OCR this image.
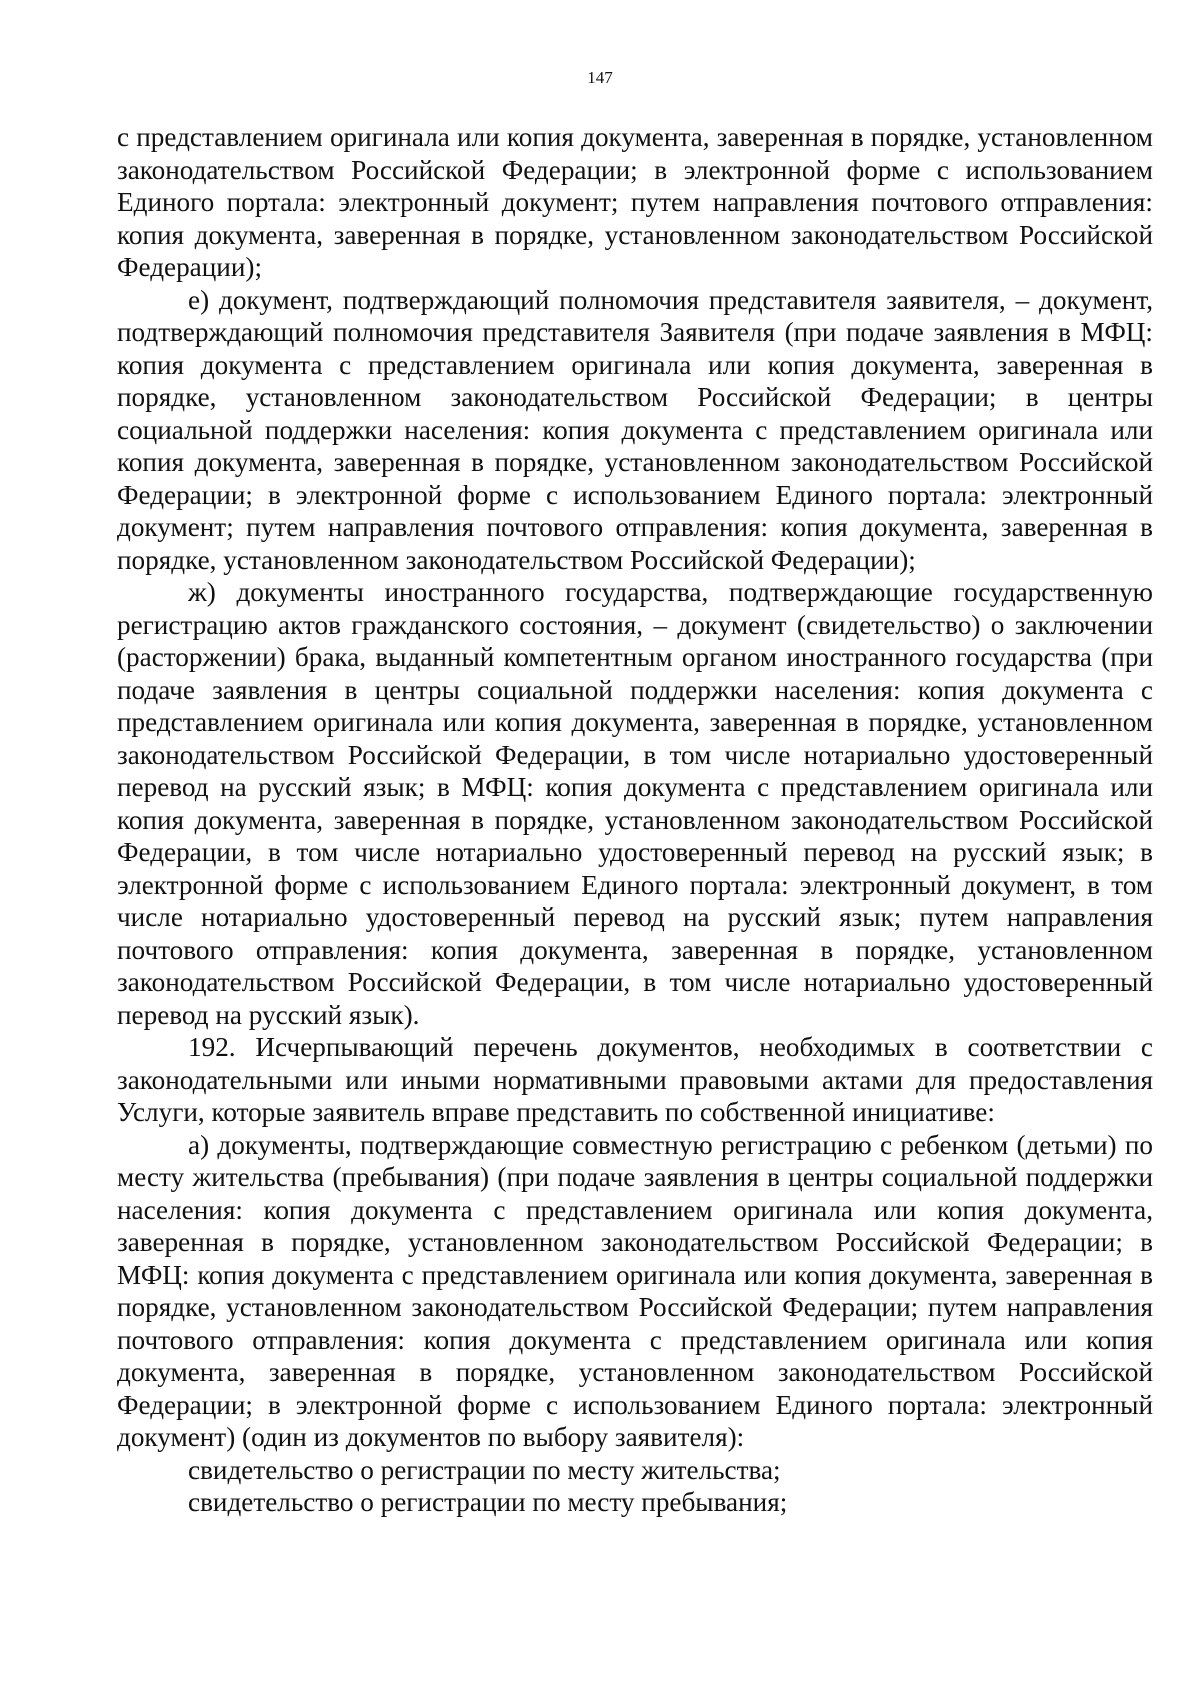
147

с представлением оригинала или копия документа, заверенная в порядке, установленном законодательством Российской Федерации; в электронной форме с использованием Единого портала: электронный документ; путем направления почтового отправления: копия документа, заверенная в порядке, установленном законодательством Российской Федерации);

е) документ, подтверждающий полномочия представителя заявителя, – документ, подтверждающий полномочия представителя Заявителя (при подаче заявления в МФЦ: копия документа с представлением оригинала или копия документа, заверенная в порядке, установленном законодательством Российской Федерации; в центры социальной поддержки населения: копия документа с представлением оригинала или копия документа, заверенная в порядке, установленном законодательством Российской Федерации; в электронной форме с использованием Единого портала: электронный документ; путем направления почтового отправления: копия документа, заверенная в порядке, установленном законодательством Российской Федерации);

ж) документы иностранного государства, подтверждающие государственную регистрацию актов гражданского состояния, – документ (свидетельство) о заключении (расторжении) брака, выданный компетентным органом иностранного государства (при подаче заявления в центры социальной поддержки населения: копия документа с представлением оригинала или копия документа, заверенная в порядке, установленном законодательством Российской Федерации, в том числе нотариально удостоверенный перевод на русский язык; в МФЦ: копия документа с представлением оригинала или копия документа, заверенная в порядке, установленном законодательством Российской Федерации, в том числе нотариально удостоверенный перевод на русский язык; в электронной форме с использованием Единого портала: электронный документ, в том числе нотариально удостоверенный перевод на русский язык; путем направления почтового отправления: копия документа, заверенная в порядке, установленном законодательством Российской Федерации, в том числе нотариально удостоверенный перевод на русский язык).

192. Исчерпывающий перечень документов, необходимых в соответствии с законодательными или иными нормативными правовыми актами для предоставления Услуги, которые заявитель вправе представить по собственной инициативе:

а) документы, подтверждающие совместную регистрацию с ребенком (детьми) по месту жительства (пребывания) (при подаче заявления в центры социальной поддержки населения: копия документа с представлением оригинала или копия документа, заверенная в порядке, установленном законодательством Российской Федерации; в МФЦ: копия документа с представлением оригинала или копия документа, заверенная в порядке, установленном законодательством Российской Федерации; путем направления почтового отправления: копия документа с представлением оригинала или копия документа, заверенная в порядке, установленном законодательством Российской Федерации; в электронной форме с использованием Единого портала: электронный документ) (один из документов по выбору заявителя):

свидетельство о регистрации по месту жительства;

свидетельство о регистрации по месту пребывания;
